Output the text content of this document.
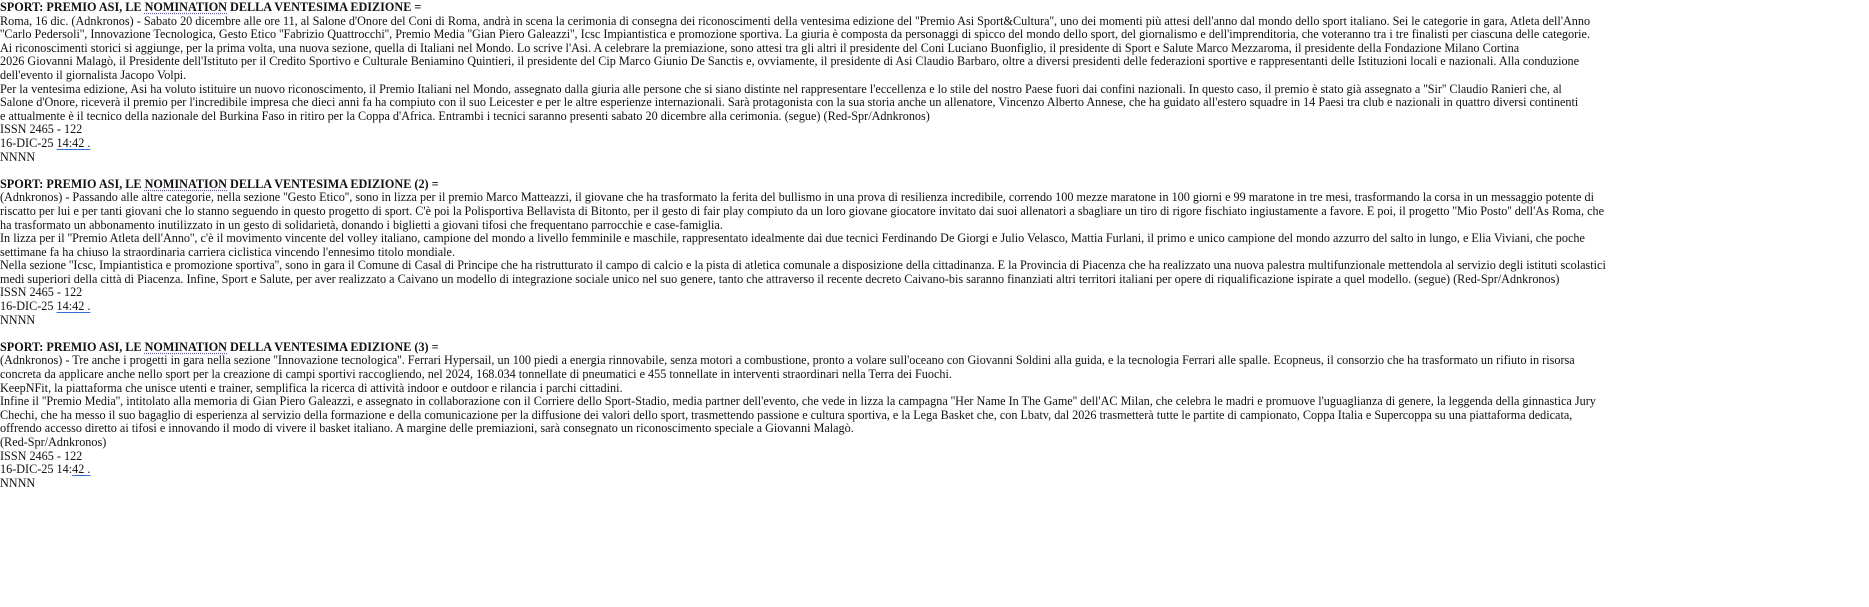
SPORT: PREMIO ASI, LE NOMINATION DELLA VENTESIMA EDIZIONE =
Roma, 16 dic. (Adnkronos) - Sabato 20 dicembre alle ore 11, al Salone d'Onore del Coni di Roma, andrà in scena la cerimonia di consegna dei riconoscimenti della ventesima edizione del ''Premio Asi Sport&Cultura'', uno dei momenti più attesi dell'anno dal mondo dello sport italiano. Sei le categorie in gara, Atleta dell'Anno
''Carlo Pedersoli'', Innovazione Tecnologica, Gesto Etico ''Fabrizio Quattrocchi'', Premio Media ''Gian Piero Galeazzi'', Icsc Impiantistica e promozione sportiva. La giuria è composta da personaggi di spicco del mondo dello sport, del giornalismo e dell'imprenditoria, che voteranno tra i tre finalisti per ciascuna delle categorie.
Ai riconoscimenti storici si aggiunge, per la prima volta, una nuova sezione, quella di Italiani nel Mondo. Lo scrive l'Asi. A celebrare la premiazione, sono attesi tra gli altri il presidente del Coni Luciano Buonfiglio, il presidente di Sport e Salute Marco Mezzaroma, il presidente della Fondazione Milano Cortina
2026 Giovanni Malagò, il Presidente dell'Istituto per il Credito Sportivo e Culturale Beniamino Quintieri, il presidente del Cip Marco Giunio De Sanctis e, ovviamente, il presidente di Asi Claudio Barbaro, oltre a diversi presidenti delle federazioni sportive e rappresentanti delle Istituzioni locali e nazionali. Alla conduzione
dell'evento il giornalista Jacopo Volpi.
Per la ventesima edizione, Asi ha voluto istituire un nuovo riconoscimento, il Premio Italiani nel Mondo, assegnato dalla giuria alle persone che si siano distinte nel rappresentare l'eccellenza e lo stile del nostro Paese fuori dai confini nazionali. In questo caso, il premio è stato già assegnato a ''Sir'' Claudio Ranieri che, al
Salone d'Onore, riceverà il premio per l'incredibile impresa che dieci anni fa ha compiuto con il suo Leicester e per le altre esperienze internazionali. Sarà protagonista con la sua storia anche un allenatore, Vincenzo Alberto Annese, che ha guidato all'estero squadre in 14 Paesi tra club e nazionali in quattro diversi continenti
e attualmente è il tecnico della nazionale del Burkina Faso in ritiro per la Coppa d'Africa. Entrambi i tecnici saranno presenti sabato 20 dicembre alla cerimonia. (segue) (Red-Spr/Adnkronos)
ISSN 2465 - 122
16-DIC-25 14:42 .
NNNN
SPORT: PREMIO ASI, LE NOMINATION DELLA VENTESIMA EDIZIONE (2) =
(Adnkronos) - Passando alle altre categorie, nella sezione ''Gesto Etico'', sono in lizza per il premio Marco Matteazzi, il giovane che ha trasformato la ferita del bullismo in una prova di resilienza incredibile, correndo 100 mezze maratone in 100 giorni e 99 maratone in tre mesi, trasformando la corsa in un messaggio potente di
riscatto per lui e per tanti giovani che lo stanno seguendo in questo progetto di sport. C'è poi la Polisportiva Bellavista di Bitonto, per il gesto di fair play compiuto da un loro giovane giocatore invitato dai suoi allenatori a sbagliare un tiro di rigore fischiato ingiustamente a favore. E poi, il progetto ''Mio Posto'' dell'As Roma, che
ha trasformato un abbonamento inutilizzato in un gesto di solidarietà, donando i biglietti a giovani tifosi che frequentano parrocchie e case-famiglia.
In lizza per il ''Premio Atleta dell'Anno'', c'è il movimento vincente del volley italiano, campione del mondo a livello femminile e maschile, rappresentato idealmente dai due tecnici Ferdinando De Giorgi e Julio Velasco, Mattia Furlani, il primo e unico campione del mondo azzurro del salto in lungo, e Elia Viviani, che poche
settimane fa ha chiuso la straordinaria carriera ciclistica vincendo l'ennesimo titolo mondiale.
Nella sezione ''Icsc, Impiantistica e promozione sportiva'', sono in gara il Comune di Casal di Principe che ha ristrutturato il campo di calcio e la pista di atletica comunale a disposizione della cittadinanza. E la Provincia di Piacenza che ha realizzato una nuova palestra multifunzionale mettendola al servizio degli istituti scolastici
medi superiori della città di Piacenza. Infine, Sport e Salute, per aver realizzato a Caivano un modello di integrazione sociale unico nel suo genere, tanto che attraverso il recente decreto Caivano-bis saranno finanziati altri territori italiani per opere di riqualificazione ispirate a quel modello. (segue) (Red-Spr/Adnkronos)
ISSN 2465 - 122
16-DIC-25 14:42 .
NNNN
SPORT: PREMIO ASI, LE NOMINATION DELLA VENTESIMA EDIZIONE (3) =
(Adnkronos) - Tre anche i progetti in gara nella sezione ''Innovazione tecnologica''. Ferrari Hypersail, un 100 piedi a energia rinnovabile, senza motori a combustione, pronto a volare sull'oceano con Giovanni Soldini alla guida, e la tecnologia Ferrari alle spalle. Ecopneus, il consorzio che ha trasformato un rifiuto in risorsa
concreta da applicare anche nello sport per la creazione di campi sportivi raccogliendo, nel 2024, 168.034 tonnellate di pneumatici e 455 tonnellate in interventi straordinari nella Terra dei Fuochi.
KeepNFit, la piattaforma che unisce utenti e trainer, semplifica la ricerca di attività indoor e outdoor e rilancia i parchi cittadini.
Infine il ''Premio Media'', intitolato alla memoria di Gian Piero Galeazzi, e assegnato in collaborazione con il Corriere dello Sport-Stadio, media partner dell'evento, che vede in lizza la campagna ''Her Name In The Game'' dell'AC Milan, che celebra le madri e promuove l'uguaglianza di genere, la leggenda della ginnastica Jury
Chechi, che ha messo il suo bagaglio di esperienza al servizio della formazione e della comunicazione per la diffusione dei valori dello sport, trasmettendo passione e cultura sportiva, e la Lega Basket che, con Lbatv, dal 2026 trasmetterà tutte le partite di campionato, Coppa Italia e Supercoppa su una piattaforma dedicata,
offrendo accesso diretto ai tifosi e innovando il modo di vivere il basket italiano. A margine delle premiazioni, sarà consegnato un riconoscimento speciale a Giovanni Malagò.
(Red-Spr/Adnkronos)
ISSN 2465 - 122
16-DIC-25 14:42 .
NNNN
